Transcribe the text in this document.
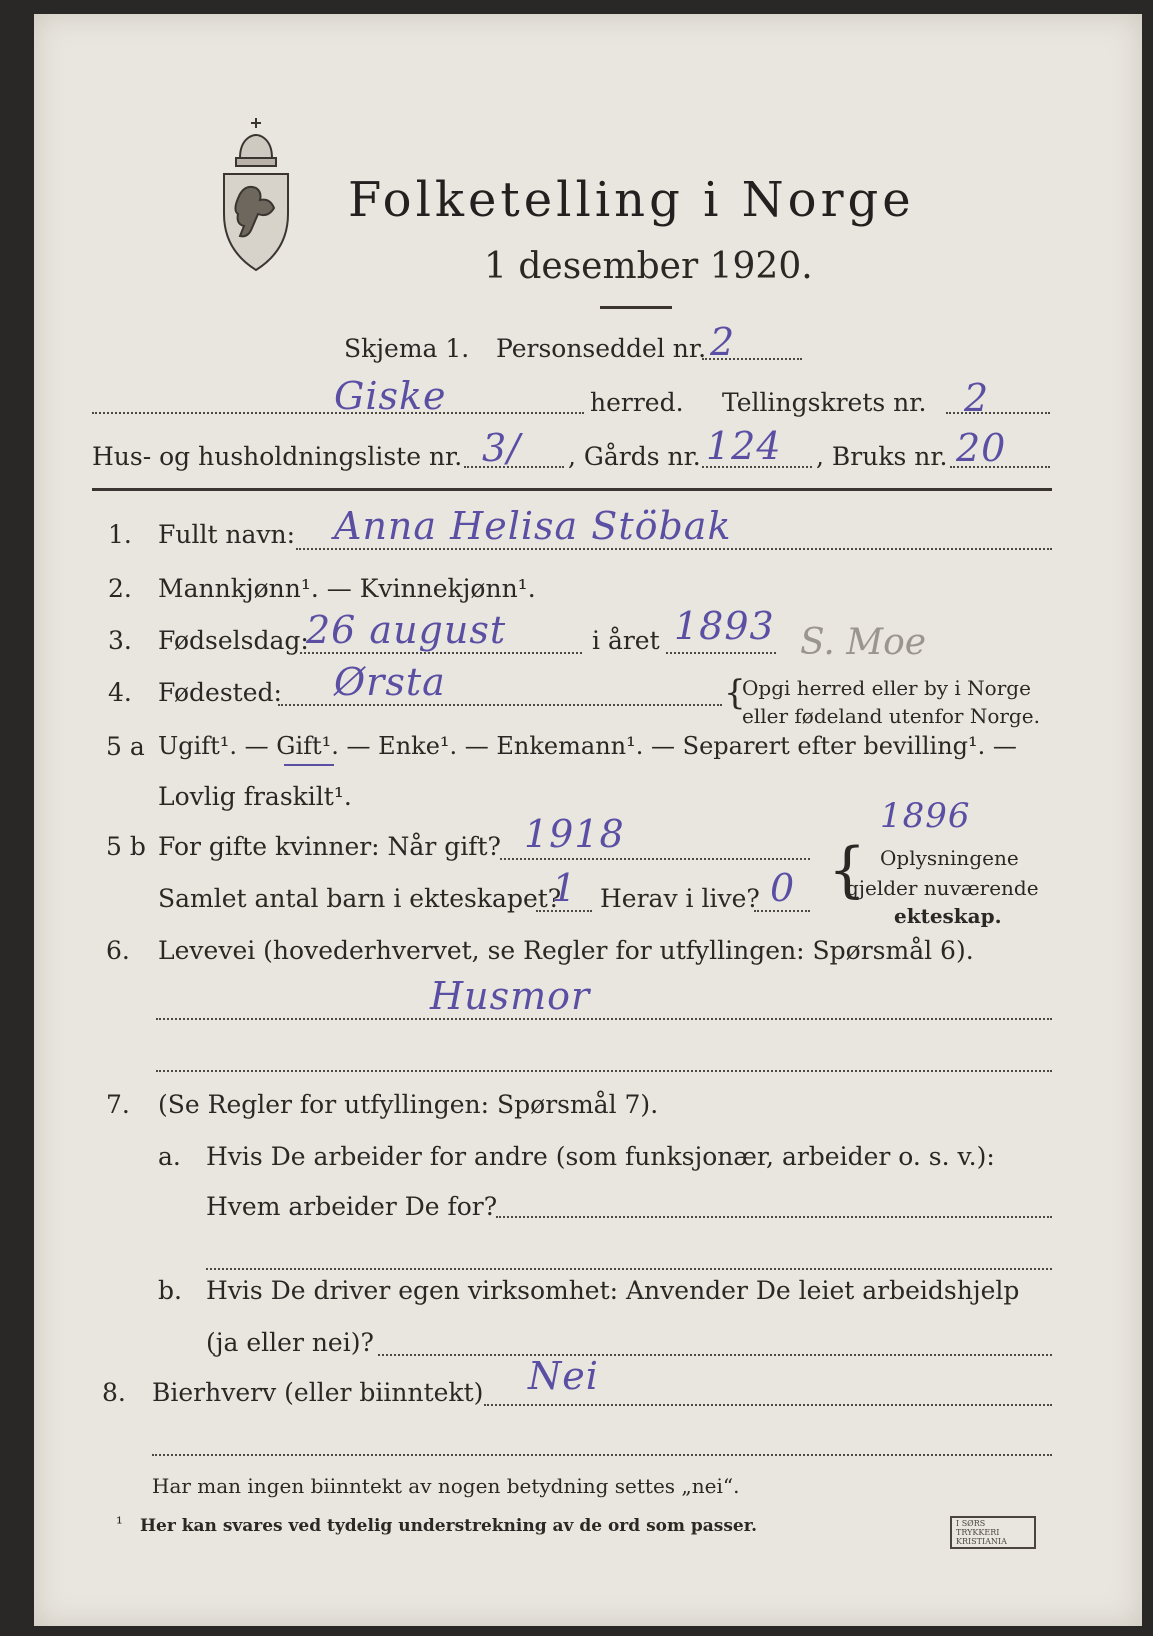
Folketelling i Norge
1 desember 1920.
Skjema 1. Personseddel nr. 2
Giske	herred. Tellingskrets nr. 2
Hus- og husholdningsliste nr. 3/ , Gårds nr. 124 , Bruks nr. 20
1. Fullt navn: Anna Helisa Stöbak
2. Mannkjønn¹. — Kvinnekjønn¹.
3. Fødselsdag:
26 august	i året 1893 S. Moe
4. Fødested: Ørsta	{
Opgi herred eller by i Norge
eller fødeland utenfor Norge.
5 a Ugift¹. — Gift¹. — Enke¹. — Enkemann¹. — Separert efter bevilling¹. —
Lovlig fraskilt¹.
5 b For gifte kvinner: Når gift? 1918	1896
{ Oplysningene
gjelder nuværende
ekteskap.
Samlet antal barn i ekteskapet?
1 Herav i live? 0
6. Levevei (hovederhvervet, se Regler for utfyllingen: Spørsmål 6).
Husmor
7. (Se Regler for utfyllingen: Spørsmål 7).
a. Hvis De arbeider for andre (som funksjonær, arbeider o. s. v.):
Hvem arbeider De for?
b. Hvis De driver egen virksomhet: Anvender De leiet arbeidshjelp
(ja eller nei)?
8. Bierhverv (eller biinntekt) Nei
Har man ingen biinntekt av nogen betydning settes „nei“.
¹ Her kan svares ved tydelig understrekning av de ord som passer.	I SØRS TRYKKERI KRISTIANIA
